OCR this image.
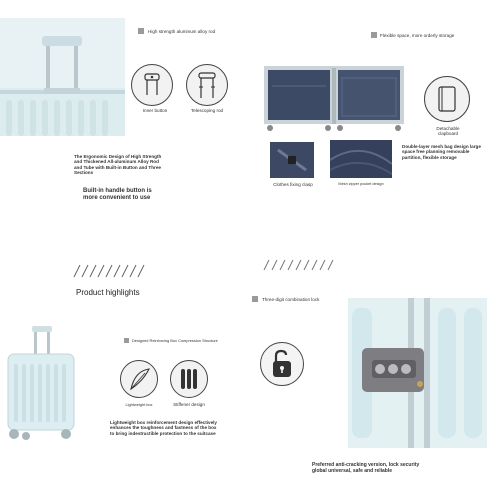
High strength aluminum alloy rod
Inner button	Telescoping rod
The Ergonomic Design of High Strength and Thickened All-aluminum Alloy Rod and Tube with Built-in Button and Three Sections
Built-in handle button is more convenient to use
Flexible space, more orderly storage
Detachable clapboard
Double-layer mesh bag design large space free planning removable partition, flexible storage
Clothes fixing clasp	Mesh zipper pocket design
Product highlights
Designed Reinforcing Box Compression Structure
Lightweight box	Stiffener design
Lightweight box reinforcement design effectively enhances the toughness and fastness of the box to bring indestructible protection to the suitcase
Three-digit combination lock
Preferred anti-cracking version, lock security global universal, safe and reliable
